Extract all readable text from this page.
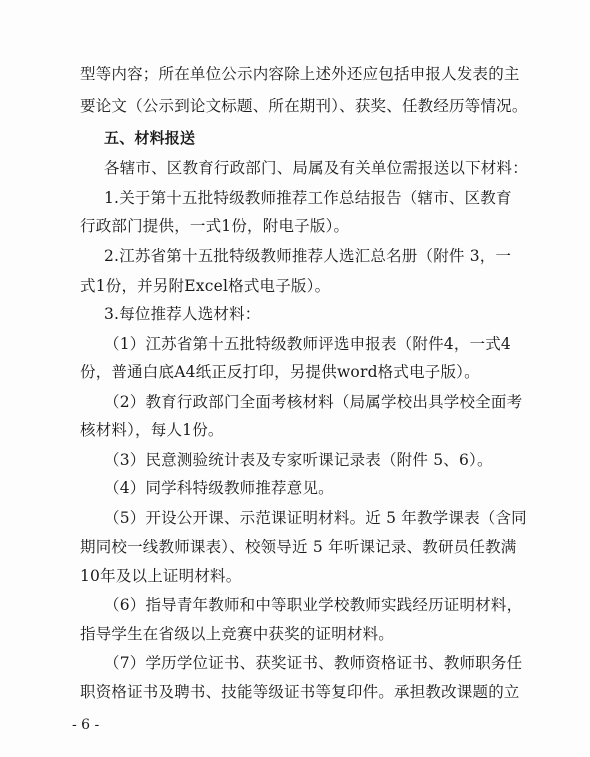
型等内容；所在单位公示内容除上述外还应包括申报人发表的主
要论文（公示到论文标题、所在期刊）、获奖、任教经历等情况。
五、材料报送
各辖市、区教育行政部门、局属及有关单位需报送以下材料：
1.关于第十五批特级教师推荐工作总结报告（辖市、区教育
行政部门提供，一式1份，附电子版）。
2.江苏省第十五批特级教师推荐人选汇总名册（附件 3，一
式1份，并另附Excel格式电子版）。
3.每位推荐人选材料：
（1）江苏省第十五批特级教师评选申报表（附件4，一式4
份，普通白底A4纸正反打印，另提供word格式电子版）。
（2）教育行政部门全面考核材料（局属学校出具学校全面考
核材料），每人1份。
（3）民意测验统计表及专家听课记录表（附件 5、6）。
（4）同学科特级教师推荐意见。
（5）开设公开课、示范课证明材料。近 5 年教学课表（含同
期同校一线教师课表）、校领导近 5 年听课记录、教研员任教满
10年及以上证明材料。
（6）指导青年教师和中等职业学校教师实践经历证明材料，
指导学生在省级以上竞赛中获奖的证明材料。
（7）学历学位证书、获奖证书、教师资格证书、教师职务任
职资格证书及聘书、技能等级证书等复印件。承担教改课题的立
- 6 -
